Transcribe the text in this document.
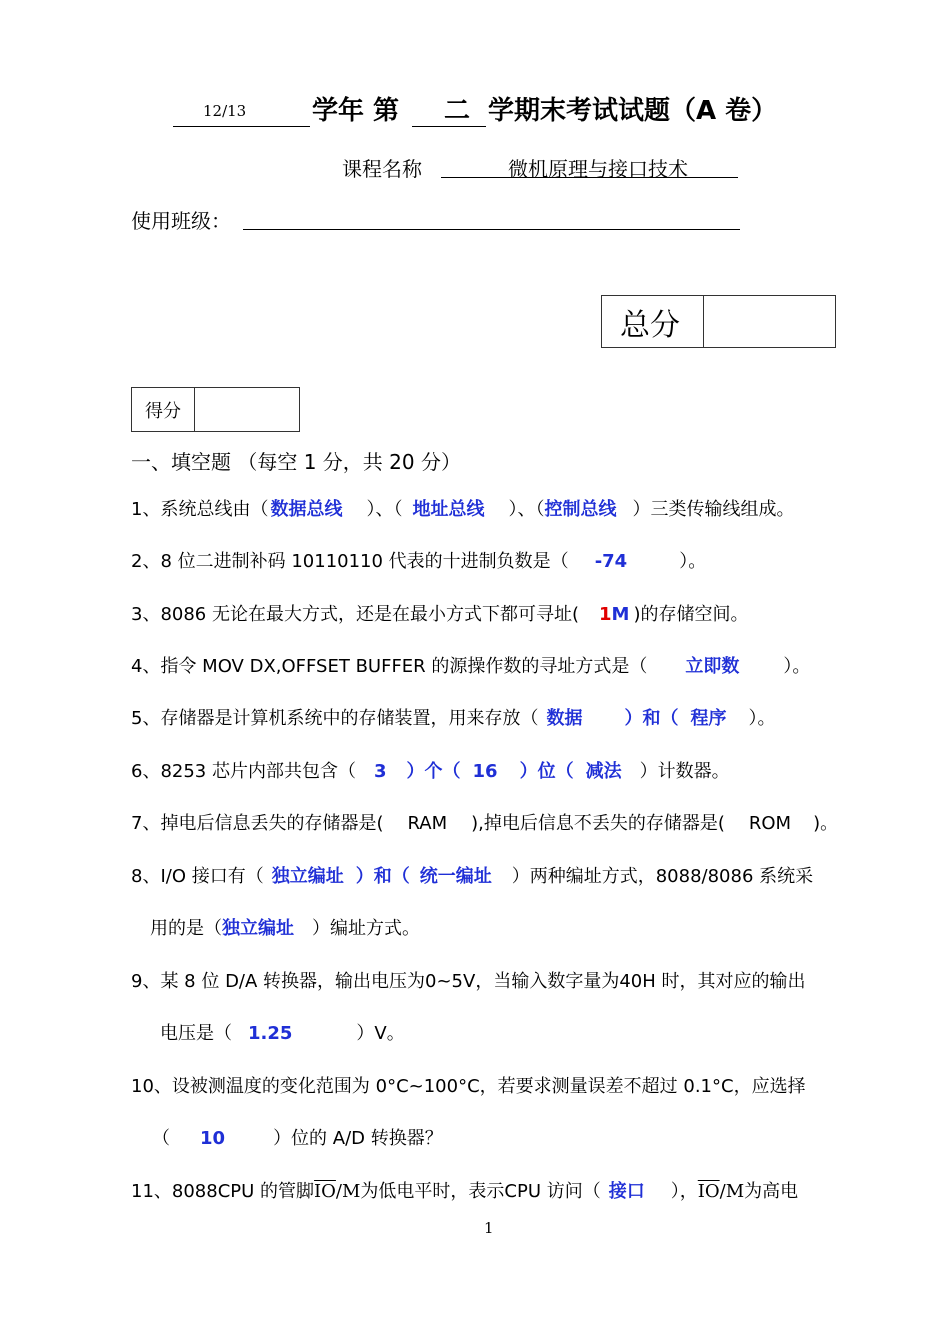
12/13	学年 第 二 学期末考试试题（A 卷）
课程名称	微机原理与接口技术
使用班级：
总分	
得分	
一、填空题 （每空 1 分，共 20 分）
1、系统总线由（ 数据总线 ）、（ 地址总线 ）、（控制总线 ）三类传输线组成。
2、8 位二进制补码 10110110 代表的十进制负数是（ -74	）。
3、8086 无论在最大方式，还是在最小方式下都可寻址( 1M )的存储空间。
4、指令 MOV DX,OFFSET BUFFER 的源操作数的寻址方式是（ 立即数 ）。
5、存储器是计算机系统中的存储装置，用来存放（ 数据 ）和（ 程序 ）。
6、8253 芯片内部共包含（ 3 ）个（ 16 ）位（ 减法 ）计数器。
7、掉电后信息丢失的存储器是( RAM ),掉电后信息不丢失的存储器是( ROM )。
8、I/O 接口有（ 独立编址 ）和（ 统一编址 ）两种编址方式，8088/8086 系统采
用的是（独立编址 ）编址方式。
9、某 8 位 D/A 转换器，输出电压为0~5V，当输入数字量为40H 时，其对应的输出
电压是（ 1.25	）V。
10、设被测温度的变化范围为 0°C~100°C，若要求测量误差不超过 0.1°C，应选择
（ 10	）位的 A/D 转换器？
11、8088CPU 的管脚$\overline{IO}/M$为低电平时，表示CPU 访问（ 接口 ），$\overline{IO}/M$为高电
1
